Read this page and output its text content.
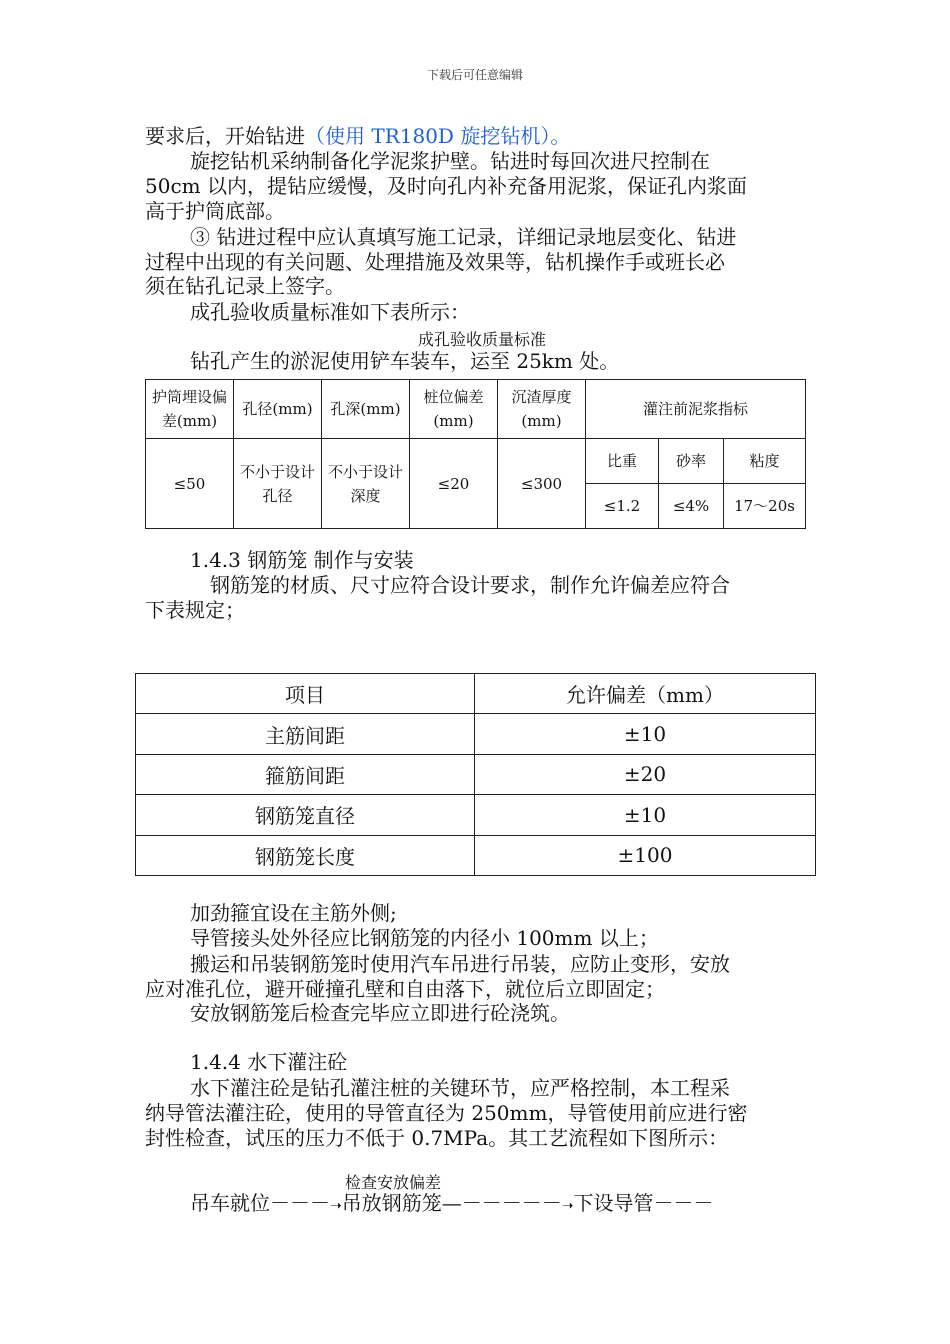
下载后可任意编辑
要求后，开始钻进（使用 TR180D 旋挖钻机）。
旋挖钻机采纳制备化学泥浆护壁。钻进时每回次进尺控制在
50cm 以内，提钻应缓慢，及时向孔内补充备用泥浆，保证孔内浆面
高于护筒底部。
③ 钻进过程中应认真填写施工记录，详细记录地层变化、钻进
过程中出现的有关问题、处理措施及效果等，钻机操作手或班长必
须在钻孔记录上签字。
成孔验收质量标准如下表所示：
成孔验收质量标准
钻孔产生的淤泥使用铲车装车，运至 25km 处。
护筒埋设偏差(mm)	孔径(mm)	孔深(mm)	桩位偏差(mm)	沉渣厚度(mm)	灌注前泥浆指标		
≤50	不小于设计孔径	不小于设计深度	≤20	≤300	比重	砂率	粘度
					≤1.2	≤4%	17～20s
1.4.3 钢筋笼 制作与安装
钢筋笼的材质、尺寸应符合设计要求，制作允许偏差应符合
下表规定；
项目	允许偏差（mm）
主筋间距	±10
箍筋间距	±20
钢筋笼直径	±10
钢筋笼长度	±100
加劲箍宜设在主筋外侧;
导管接头处外径应比钢筋笼的内径小 100mm 以上；
搬运和吊装钢筋笼时使用汽车吊进行吊装，应防止变形，安放
应对准孔位，避开碰撞孔壁和自由落下，就位后立即固定；
安放钢筋笼后检查完毕应立即进行砼浇筑。
1.4.4 水下灌注砼
水下灌注砼是钻孔灌注桩的关键环节，应严格控制，本工程采
纳导管法灌注砼，使用的导管直径为 250mm，导管使用前应进行密
封性检查，试压的压力不低于 0.7MPa。其工艺流程如下图所示：
检查安放偏差
吊车就位－－－➝吊放钢筋笼—－－－－－➝下设导管－－－
